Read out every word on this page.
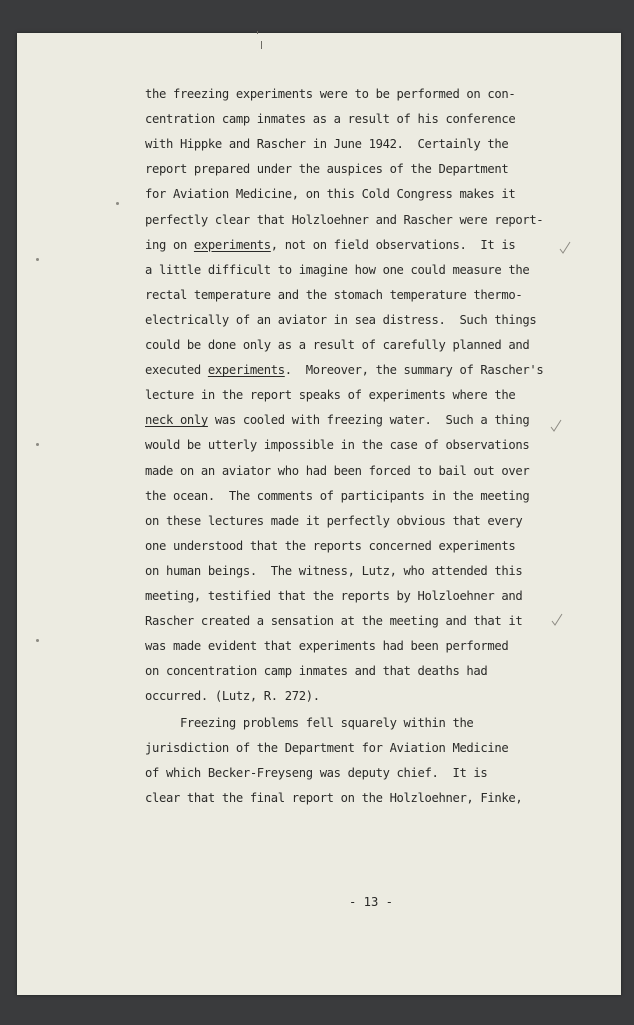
the freezing experiments were to be performed on con-
centration camp inmates as a result of his conference
with Hippke and Rascher in June 1942.  Certainly the
report prepared under the auspices of the Department
for Aviation Medicine, on this Cold Congress makes it
perfectly clear that Holzloehner and Rascher were report-
ing on experiments, not on field observations.  It is
a little difficult to imagine how one could measure the
rectal temperature and the stomach temperature thermo-
electrically of an aviator in sea distress.  Such things
could be done only as a result of carefully planned and
executed experiments.  Moreover, the summary of Rascher's
lecture in the report speaks of experiments where the
neck only was cooled with freezing water.  Such a thing
would be utterly impossible in the case of observations
made on an aviator who had been forced to bail out over
the ocean.  The comments of participants in the meeting
on these lectures made it perfectly obvious that every
one understood that the reports concerned experiments
on human beings.  The witness, Lutz, who attended this
meeting, testified that the reports by Holzloehner and
Rascher created a sensation at the meeting and that it
was made evident that experiments had been performed
on concentration camp inmates and that deaths had
occurred. (Lutz, R. 272).
Freezing problems fell squarely within the
jurisdiction of the Department for Aviation Medicine
of which Becker-Freyseng was deputy chief.  It is
clear that the final report on the Holzloehner, Finke,
- 13 -
